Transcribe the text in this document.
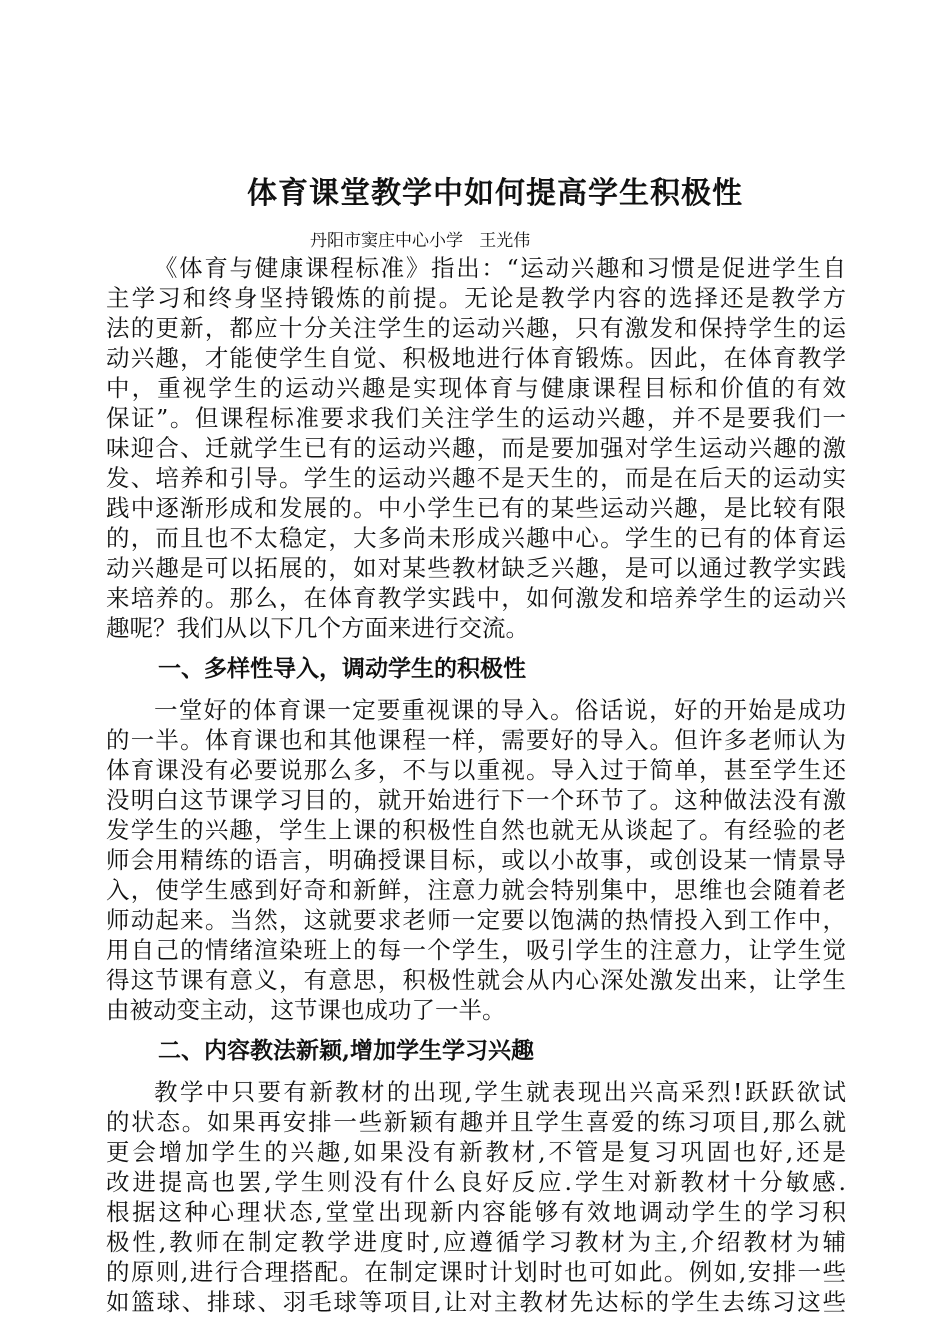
体育课堂教学中如何提高学生积极性
丹阳市窦庄中心小学   王光伟
《体育与健康课程标准》指出：“运动兴趣和习惯是促进学生自
主学习和终身坚持锻炼的前提。无论是教学内容的选择还是教学方
法的更新，都应十分关注学生的运动兴趣，只有激发和保持学生的运
动兴趣，才能使学生自觉、积极地进行体育锻炼。因此，在体育教学
中，重视学生的运动兴趣是实现体育与健康课程目标和价值的有效
保证”。但课程标准要求我们关注学生的运动兴趣，并不是要我们一
味迎合、迁就学生已有的运动兴趣，而是要加强对学生运动兴趣的激
发、培养和引导。学生的运动兴趣不是天生的，而是在后天的运动实
践中逐渐形成和发展的。中小学生已有的某些运动兴趣，是比较有限
的，而且也不太稳定，大多尚未形成兴趣中心。学生的已有的体育运
动兴趣是可以拓展的，如对某些教材缺乏兴趣，是可以通过教学实践
来培养的。那么，在体育教学实践中，如何激发和培养学生的运动兴
趣呢？我们从以下几个方面来进行交流。
一、多样性导入，调动学生的积极性
一堂好的体育课一定要重视课的导入。俗话说，好的开始是成功
的一半。体育课也和其他课程一样，需要好的导入。但许多老师认为
体育课没有必要说那么多，不与以重视。导入过于简单，甚至学生还
没明白这节课学习目的，就开始进行下一个环节了。这种做法没有激
发学生的兴趣，学生上课的积极性自然也就无从谈起了。有经验的老
师会用精练的语言，明确授课目标，或以小故事，或创设某一情景导
入，使学生感到好奇和新鲜，注意力就会特别集中，思维也会随着老
师动起来。当然，这就要求老师一定要以饱满的热情投入到工作中，
用自己的情绪渲染班上的每一个学生，吸引学生的注意力，让学生觉
得这节课有意义，有意思，积极性就会从内心深处激发出来，让学生
由被动变主动，这节课也成功了一半。
二、内容教法新颖,增加学生学习兴趣
教学中只要有新教材的出现,学生就表现出兴高采烈!跃跃欲试
的状态。如果再安排一些新颖有趣并且学生喜爱的练习项目,那么就
更会增加学生的兴趣,如果没有新教材,不管是复习巩固也好,还是
改进提高也罢,学生则没有什么良好反应.学生对新教材十分敏感.
根据这种心理状态,堂堂出现新内容能够有效地调动学生的学习积
极性,教师在制定教学进度时,应遵循学习教材为主,介绍教材为辅
的原则,进行合理搭配。在制定课时计划时也可如此。例如,安排一些
如篮球、排球、羽毛球等项目,让对主教材先达标的学生去练习这些
